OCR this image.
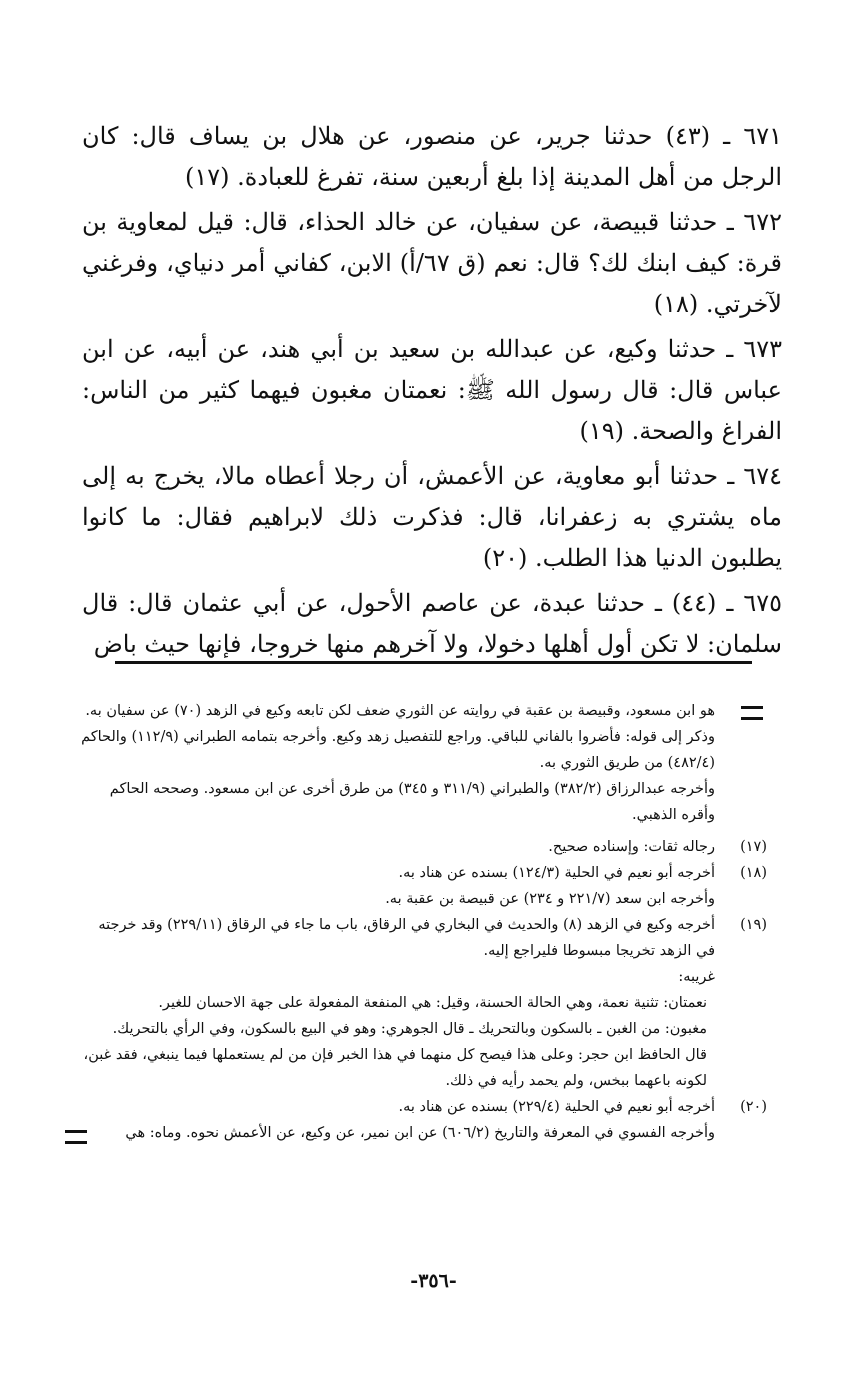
٦٧١ ـ (٤٣) حدثنا جرير، عن منصور، عن هلال بن يساف قال: كان الرجل من أهل المدينة إذا بلغ أربعين سنة، تفرغ للعبادة. (١٧)

٦٧٢ ـ حدثنا قبيصة، عن سفيان، عن خالد الحذاء، قال: قيل لمعاوية بن قرة: كيف ابنك لك؟ قال: نعم (ق ٦٧/أ) الابن، كفاني أمر دنياي، وفرغني لآخرتي. (١٨)

٦٧٣ ـ حدثنا وكيع، عن عبدالله بن سعيد بن أبي هند، عن أبيه، عن ابن عباس قال: قال رسول الله ﷺ: نعمتان مغبون فيهما كثير من الناس: الفراغ والصحة. (١٩)

٦٧٤ ـ حدثنا أبو معاوية، عن الأعمش، أن رجلا أعطاه مالا، يخرج به إلى ماه يشتري به زعفرانا، قال: فذكرت ذلك لابراهيم فقال: ما كانوا يطلبون الدنيا هذا الطلب. (٢٠)

٦٧٥ ـ (٤٤) ـ حدثنا عبدة، عن عاصم الأحول، عن أبي عثمان قال: قال سلمان: لا تكن أول أهلها دخولا، ولا آخرهم منها خروجا، فإنها حيث باض

هو ابن مسعود، وقبيصة بن عقبة في روايته عن الثوري ضعف لكن تابعه وكيع في الزهد (٧٠) عن سفيان به. وذكر إلى قوله: فأضروا بالفاني للباقي. وراجع للتفصيل زهد وكيع. وأخرجه بتمامه الطبراني (١١٢/٩) والحاكم (٤٨٢/٤) من طريق الثوري به.
وأخرجه عبدالرزاق (٣٨٢/٢) والطبراني (٣١١/٩ و ٣٤٥) من طرق أخرى عن ابن مسعود. وصححه الحاكم وأقره الذهبي.
(١٧)
رجاله ثقات: وإسناده صحيح.
(١٨)
أخرجه أبو نعيم في الحلية (١٢٤/٣) بسنده عن هناد به.
وأخرجه ابن سعد (٢٢١/٧ و ٢٣٤) عن قبيصة بن عقبة به.
(١٩)
أخرجه وكيع في الزهد (٨) والحديث في البخاري في الرقاق، باب ما جاء في الرقاق (٢٢٩/١١) وقد خرجته في الزهد تخريجا مبسوطا فليراجع إليه.
غريبه:
نعمتان: تثنية نعمة، وهي الحالة الحسنة، وقيل: هي المنفعة المفعولة على جهة الاحسان للغير.
مغبون: من الغبن ـ بالسكون وبالتحريك ـ قال الجوهري: وهو في البيع بالسكون، وفي الرأي بالتحريك.
قال الحافظ ابن حجر: وعلى هذا فيصح كل منهما في هذا الخبر فإن من لم يستعملها فيما ينبغي، فقد غبن، لكونه باعهما ببخس، ولم يحمد رأيه في ذلك.
(٢٠)
أخرجه أبو نعيم في الحلية (٢٢٩/٤) بسنده عن هناد به.
وأخرجه الفسوي في المعرفة والتاريخ (٦٠٦/٢) عن ابن نمير، عن وكيع، عن الأعمش نحوه. وماه: هي
-٣٥٦-
